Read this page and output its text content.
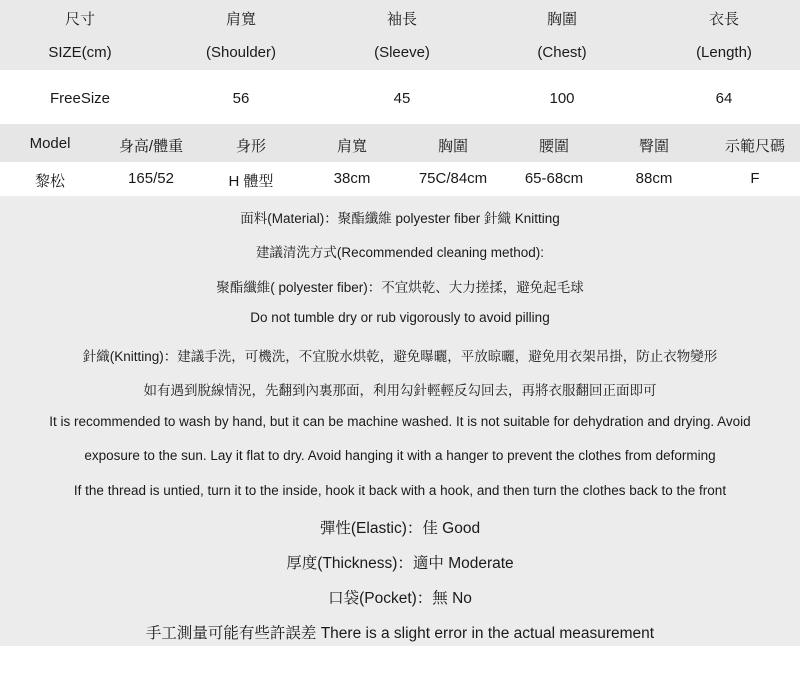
尺寸	肩寬	袖長	胸圍	衣長
SIZE(cm)	(Shoulder)	(Sleeve)	(Chest)	(Length)
FreeSize	56	45	100	64
Model	身高/體重	身形	肩寬	胸圍	腰圍	臀圍	示範尺碼
黎松	165/52	H 體型	38cm	75C/84cm	65-68cm	88cm	F
面料(Material)：聚酯纖維 polyester fiber 針織 Knitting
建議清洗方式(Recommended cleaning method):
聚酯纖維( polyester fiber)：不宜烘乾、大力搓揉，避免起毛球
Do not tumble dry or rub vigorously to avoid pilling
針織(Knitting)：建議手洗，可機洗，不宜脫水烘乾，避免曝曬，平放晾曬，避免用衣架吊掛，防止衣物變形
如有遇到脫線情況，先翻到內裏那面，利用勾針輕輕反勾回去，再將衣服翻回正面即可
It is recommended to wash by hand, but it can be machine washed. It is not suitable for dehydration and drying. Avoid
exposure to the sun. Lay it flat to dry. Avoid hanging it with a hanger to prevent the clothes from deforming
If the thread is untied, turn it to the inside, hook it back with a hook, and then turn the clothes back to the front
彈性(Elastic)：佳 Good
厚度(Thickness)：適中 Moderate
口袋(Pocket)：無 No
手工測量可能有些許誤差 There is a slight error in the actual measurement
